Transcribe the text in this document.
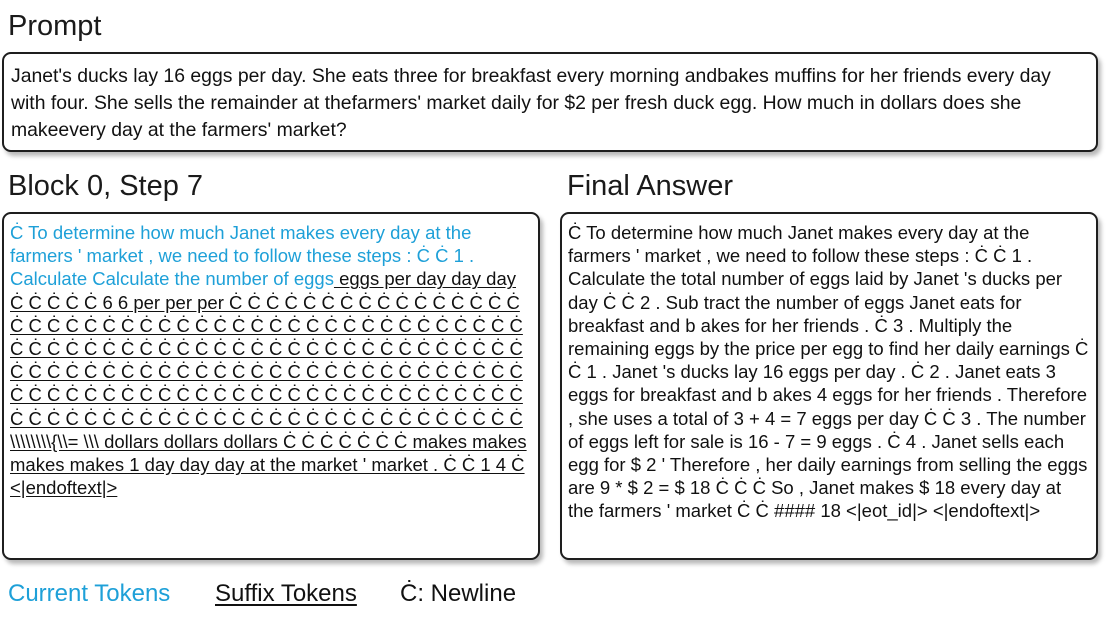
Prompt
Janet's ducks lay 16 eggs per day. She eats three for breakfast every morning andbakes muffins for her friends every day with four. She sells the remainder at thefarmers' market daily for $2 per fresh duck egg. How much in dollars does she makeevery day at the farmers' market?
Block 0, Step 7
Ċ To determine how much Janet makes every day at the farmers ' market , we need to follow these steps : Ċ Ċ 1 . Calculate Calculate the number of eggs eggs per day day day Ċ Ċ Ċ Ċ Ċ 6 6 per per per Ċ Ċ Ċ Ċ Ċ Ċ Ċ Ċ Ċ Ċ Ċ Ċ Ċ Ċ Ċ Ċ Ċ Ċ Ċ Ċ Ċ Ċ Ċ Ċ Ċ Ċ Ċ Ċ Ċ Ċ Ċ Ċ Ċ Ċ Ċ Ċ Ċ Ċ Ċ Ċ Ċ Ċ Ċ Ċ Ċ Ċ Ċ Ċ Ċ Ċ Ċ Ċ Ċ Ċ Ċ Ċ Ċ Ċ Ċ Ċ Ċ Ċ Ċ Ċ Ċ Ċ Ċ Ċ Ċ Ċ Ċ Ċ Ċ Ċ Ċ Ċ Ċ Ċ Ċ Ċ Ċ Ċ Ċ Ċ Ċ Ċ Ċ Ċ Ċ Ċ Ċ Ċ Ċ Ċ Ċ Ċ Ċ Ċ Ċ Ċ Ċ Ċ Ċ Ċ Ċ Ċ Ċ Ċ Ċ Ċ Ċ Ċ Ċ Ċ Ċ Ċ Ċ Ċ Ċ Ċ Ċ Ċ Ċ Ċ Ċ Ċ Ċ Ċ Ċ Ċ Ċ Ċ Ċ Ċ Ċ Ċ Ċ Ċ Ċ Ċ Ċ Ċ Ċ Ċ Ċ Ċ Ċ Ċ Ċ Ċ Ċ Ċ Ċ Ċ Ċ Ċ \\\\\\\\{\\= \\\ dollars dollars dollars Ċ Ċ Ċ Ċ Ċ Ċ Ċ makes makes makes makes 1 day day day at the market ' market . Ċ Ċ 1 4 Ċ <|endoftext|>
Final Answer
Ċ To determine how much Janet makes every day at the farmers ' market , we need to follow these steps : Ċ Ċ 1 . Calculate the total number of eggs laid by Janet 's ducks per day Ċ Ċ 2 . Sub tract the number of eggs Janet eats for breakfast and b akes for her friends . Ċ 3 . Multiply the remaining eggs by the price per egg to find her daily earnings Ċ Ċ 1 . Janet 's ducks lay 16 eggs per day . Ċ 2 . Janet eats 3 eggs for breakfast and b akes 4 eggs for her friends . Therefore , she uses a total of 3 + 4 = 7 eggs per day Ċ Ċ 3 . The number of eggs left for sale is 16 - 7 = 9 eggs . Ċ 4 . Janet sells each egg for $ 2 ' Therefore , her daily earnings from selling the eggs are 9 * $ 2 = $ 18 Ċ Ċ Ċ So , Janet makes $ 18 every day at the farmers ' market Ċ Ċ #### 18 <|eot_id|> <|endoftext|>
Current Tokens Suffix Tokens Ċ: Newline
